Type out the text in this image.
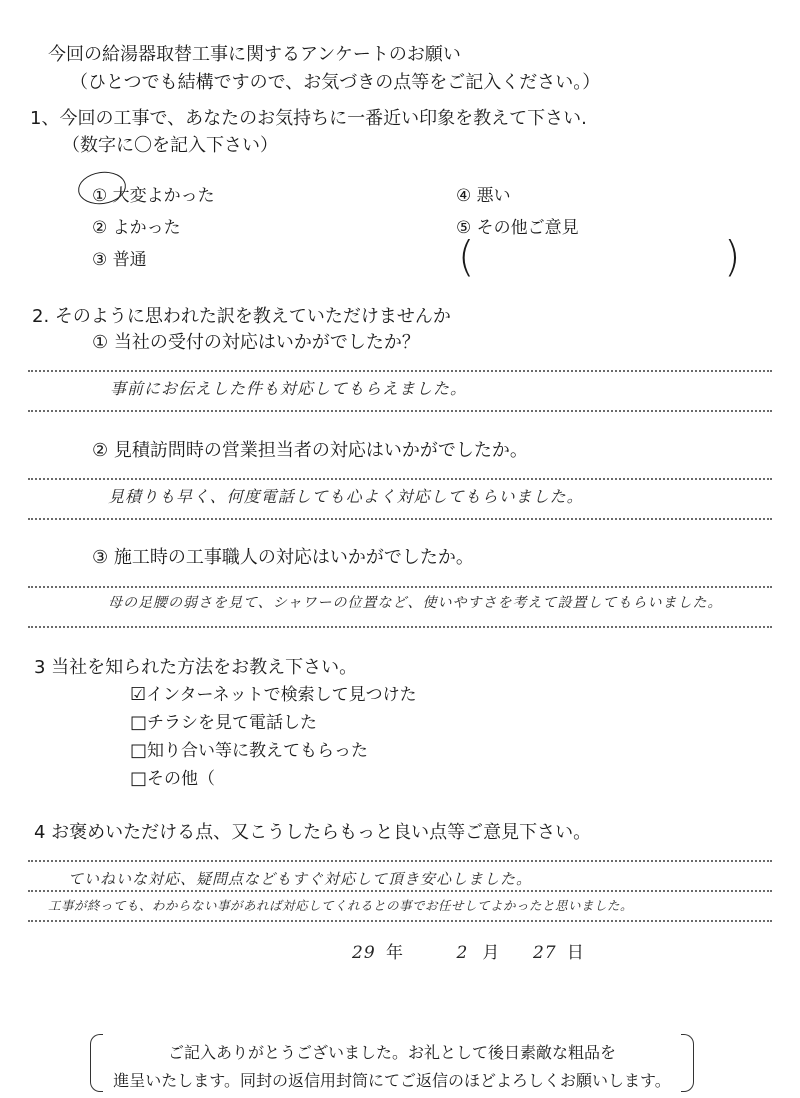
今回の給湯器取替工事に関するアンケートのお願い
（ひとつでも結構ですので、お気づきの点等をご記入ください。）
1、今回の工事で、あなたのお気持ちに一番近い印象を教えて下さい.
（数字に〇を記入下さい）
① 大変よかった
② よかった
③ 普通
④ 悪い
⑤ その他ご意見
(	)
2. そのように思われた訳を教えていただけませんか
① 当社の受付の対応はいかがでしたか？
事前にお伝えした件も対応してもらえました。
② 見積訪問時の営業担当者の対応はいかがでしたか。
見積りも早く、何度電話しても心よく対応してもらいました。
③ 施工時の工事職人の対応はいかがでしたか。
母の足腰の弱さを見て、シャワーの位置など、使いやすさを考えて設置してもらいました。
3 当社を知られた方法をお教え下さい。
☑インターネットで検索して見つけた
□チラシを見て電話した
□知り合い等に教えてもらった
□その他（
4 お褒めいただける点、又こうしたらもっと良い点等ご意見下さい。
ていねいな対応、疑問点などもすぐ対応して頂き安心しました。
工事が終っても、わからない事があれば対応してくれるとの事でお任せしてよかったと思いました。
29 年	2 月 27 日
ご記入ありがとうございました。お礼として後日素敵な粗品を
進呈いたします。同封の返信用封筒にてご返信のほどよろしくお願いします。
